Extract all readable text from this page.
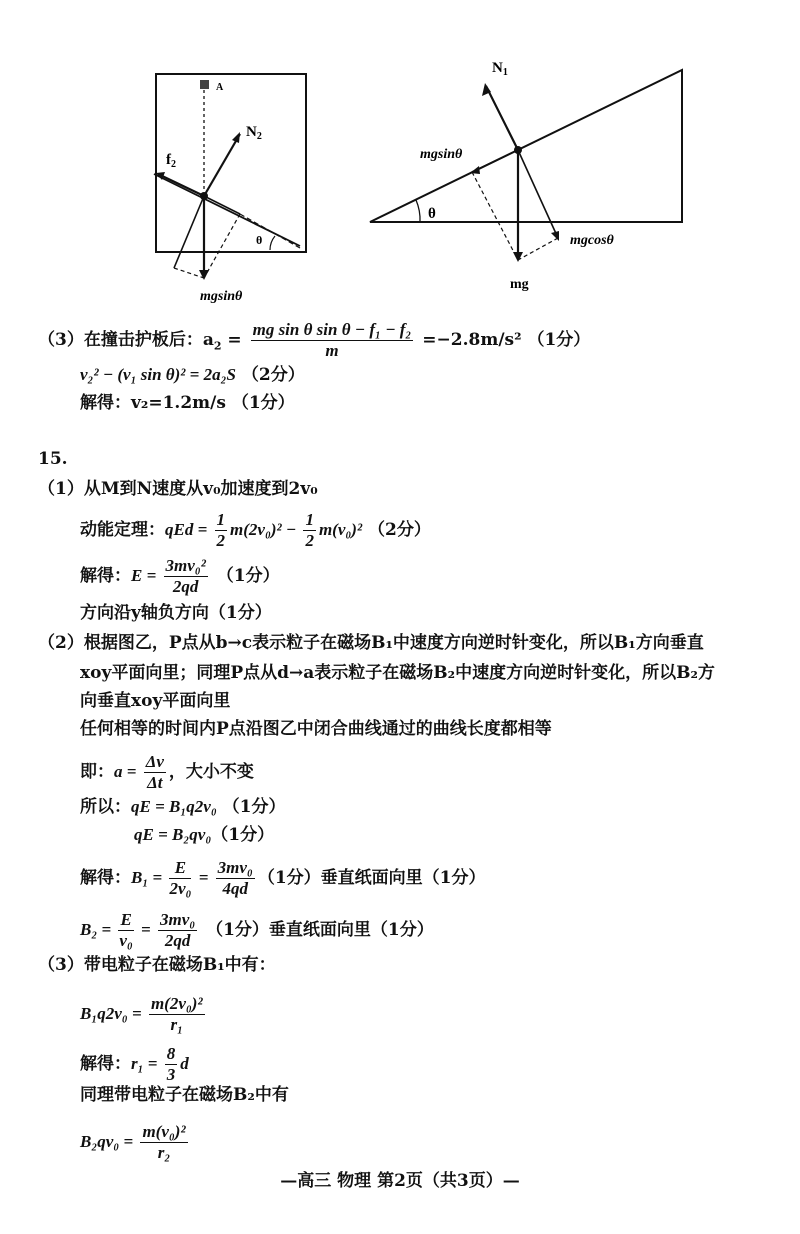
A
$N_2$
$f_2$
θ
mgsinθ
$N_1$
mgsinθ
mg
mgcosθ
θ
（3）在撞击护板后：$a_2 = \frac{\text{mg sin θ sin θ − f₁ − f₂}}{m} =-2.8m/s^2$ （1分）
v₂² − (v₁ sin θ)² = 2a₂S （2分）
解得：v₂=1.2m/s （1分）
15.
（1）从M到N速度从v₀加速度到2v₀
动能定理：qEd = $\frac{1}{2} m(2v_0)^2 - \frac{1}{2} m(v_0)^2$ （2分）
解得：$E = \frac{\text{3mv₀²}}{2qd} (1$分）
方向沿y轴负方向（1分）
（2）根据图乙，P点从b→c表示粒子在磁场B₁中速度方向逆时针变化，所以B₁方向垂直
xoy平面向里；同理P点从d→a表示粒子在磁场B₂中速度方向逆时针变化，所以B₂方
向垂直xoy平面向里
任何相等的时间内P点沿图乙中闭合曲线通过的曲线长度都相等
即：$a = \frac{\Delta v}{\Delta t}$ ，大小不变
所以：qE = B₁q2v₀ （1分）
qE = B₂qv₀（1分）
解得：$B_1 = \frac{E}{\text{2v₀}} = \frac{\text{3mv₀}}{4qd} (1$分）垂直纸面向里（1分）
$B_2 = \frac{E}{\text{v₀}} = \frac{\text{3mv₀}}{2qd} (1$分）垂直纸面向里（1分）
（3）带电粒子在磁场B₁中有：
$B_1q2v_0 = \frac{\text{m(2v₀)²}}{\text{r₁}}$
解得：$r_1 = \frac{8}{3}$ d
同理带电粒子在磁场B₂中有
$B_2qv_0 = \frac{\text{m(v₀)²}}{\text{r₂}}$
—高三 物理 第2页（共3页）—
